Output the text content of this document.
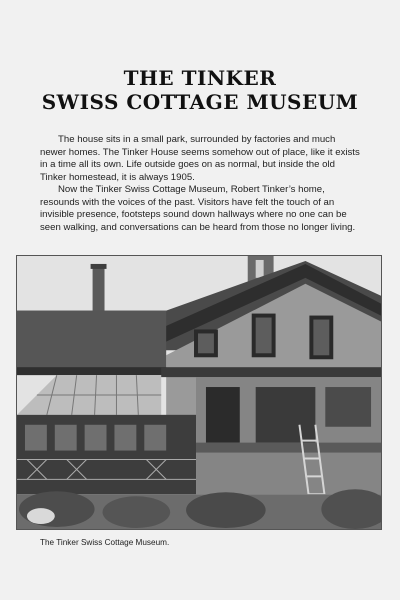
THE TINKER
SWISS COTTAGE MUSEUM

The house sits in a small park, surrounded by factories and much newer homes. The Tinker House seems somehow out of place, like it exists in a time all its own. Life outside goes on as normal, but inside the old Tinker homestead, it is always 1905.

Now the Tinker Swiss Cottage Museum, Robert Tinker’s home, resounds with the voices of the past. Visitors have felt the touch of an invisible presence, footsteps sound down hallways where no one can be seen walking, and conversations can be heard from those no longer living.

The Tinker Swiss Cottage Museum.
